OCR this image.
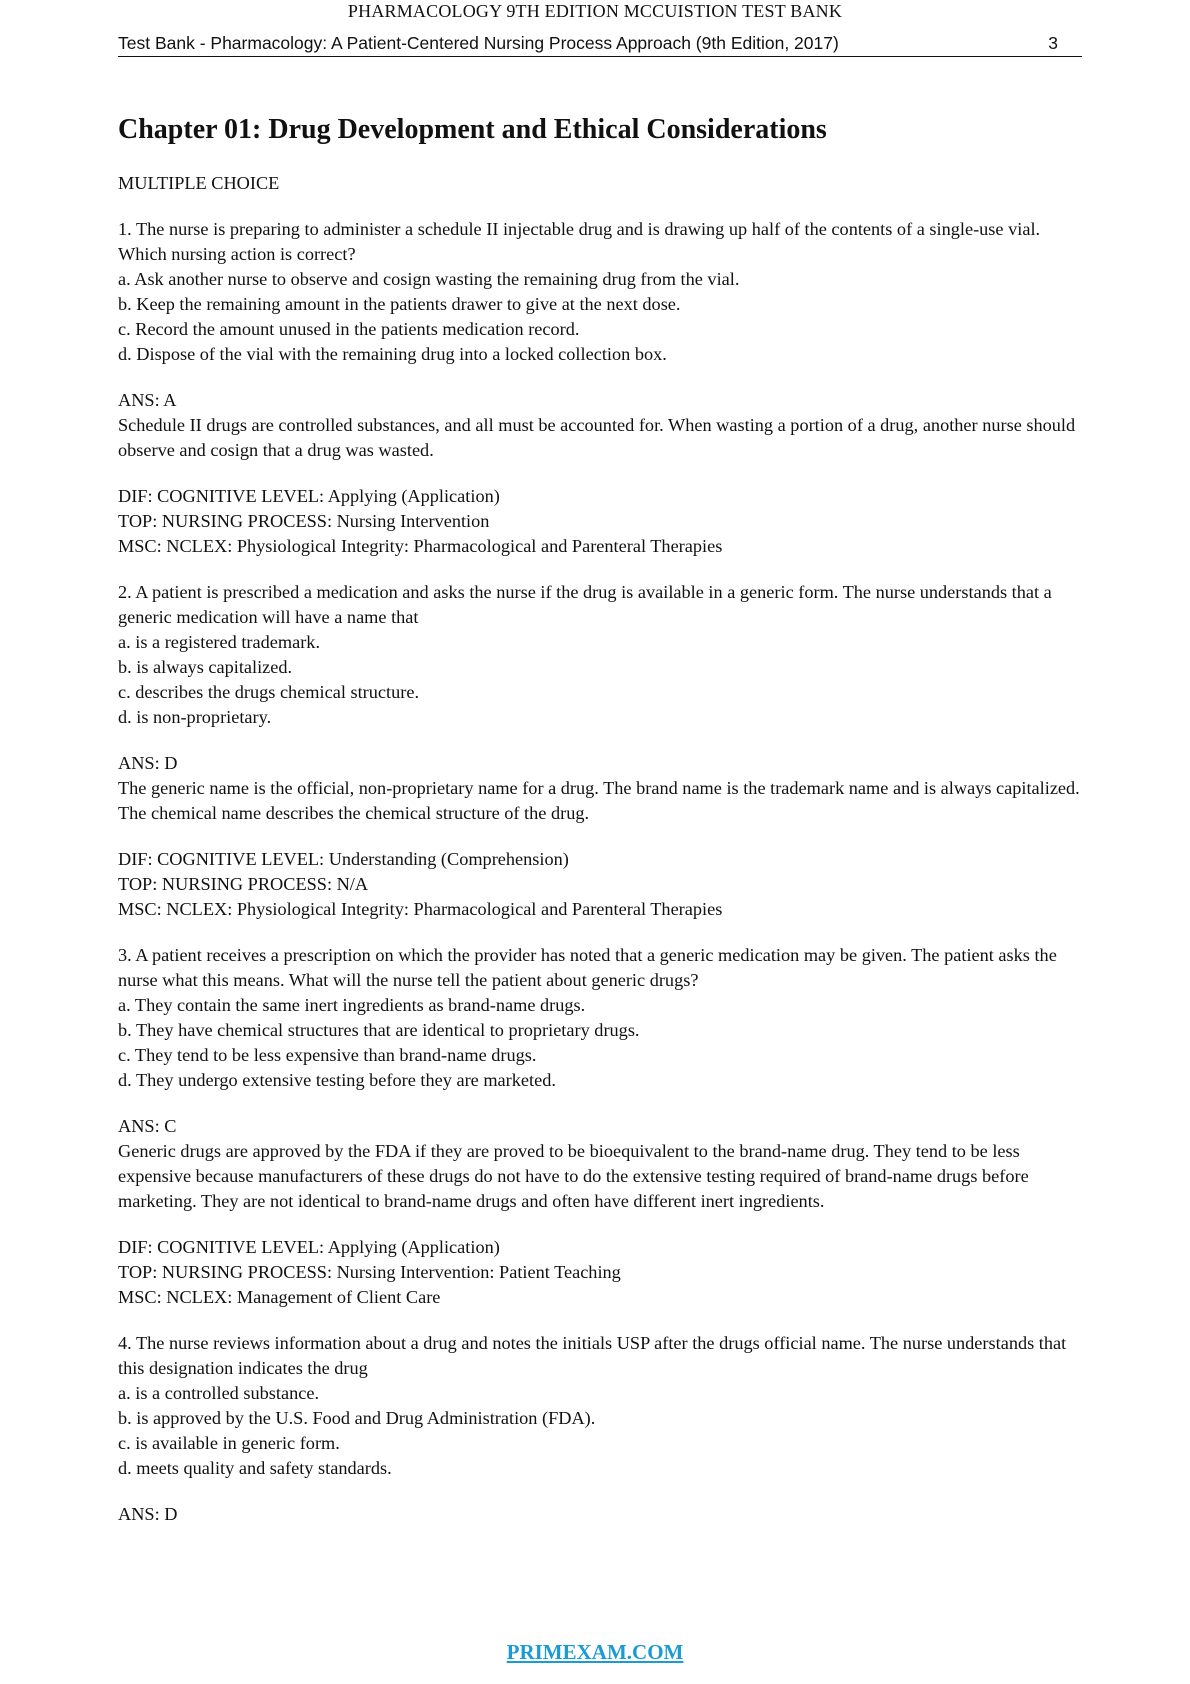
PHARMACOLOGY 9TH EDITION MCCUISTION TEST BANK
Test Bank - Pharmacology: A Patient-Centered Nursing Process Approach (9th Edition, 2017)	3
Chapter 01: Drug Development and Ethical Considerations

MULTIPLE CHOICE

1. The nurse is preparing to administer a schedule II injectable drug and is drawing up half of the contents of a single-use vial. Which nursing action is correct?

a. Ask another nurse to observe and cosign wasting the remaining drug from the vial.
b. Keep the remaining amount in the patients drawer to give at the next dose.
c. Record the amount unused in the patients medication record.
d. Dispose of the vial with the remaining drug into a locked collection box.

ANS: A

Schedule II drugs are controlled substances, and all must be accounted for. When wasting a portion of a drug, another nurse should observe and cosign that a drug was wasted.

DIF: COGNITIVE LEVEL: Applying (Application)

TOP: NURSING PROCESS: Nursing Intervention

MSC: NCLEX: Physiological Integrity: Pharmacological and Parenteral Therapies

2. A patient is prescribed a medication and asks the nurse if the drug is available in a generic form. The nurse understands that a generic medication will have a name that

a. is a registered trademark.
b. is always capitalized.
c. describes the drugs chemical structure.
d. is non-proprietary.

ANS: D

The generic name is the official, non-proprietary name for a drug. The brand name is the trademark name and is always capitalized. The chemical name describes the chemical structure of the drug.

DIF: COGNITIVE LEVEL: Understanding (Comprehension)

TOP: NURSING PROCESS: N/A

MSC: NCLEX: Physiological Integrity: Pharmacological and Parenteral Therapies

3. A patient receives a prescription on which the provider has noted that a generic medication may be given. The patient asks the nurse what this means. What will the nurse tell the patient about generic drugs?

a. They contain the same inert ingredients as brand-name drugs.
b. They have chemical structures that are identical to proprietary drugs.
c. They tend to be less expensive than brand-name drugs.
d. They undergo extensive testing before they are marketed.

ANS: C

Generic drugs are approved by the FDA if they are proved to be bioequivalent to the brand-name drug. They tend to be less expensive because manufacturers of these drugs do not have to do the extensive testing required of brand-name drugs before marketing. They are not identical to brand-name drugs and often have different inert ingredients.

DIF: COGNITIVE LEVEL: Applying (Application)

TOP: NURSING PROCESS: Nursing Intervention: Patient Teaching

MSC: NCLEX: Management of Client Care

4. The nurse reviews information about a drug and notes the initials USP after the drugs official name. The nurse understands that this designation indicates the drug

a. is a controlled substance.
b. is approved by the U.S. Food and Drug Administration (FDA).
c. is available in generic form.
d. meets quality and safety standards.

ANS: D

PRIMEXAM.COM
